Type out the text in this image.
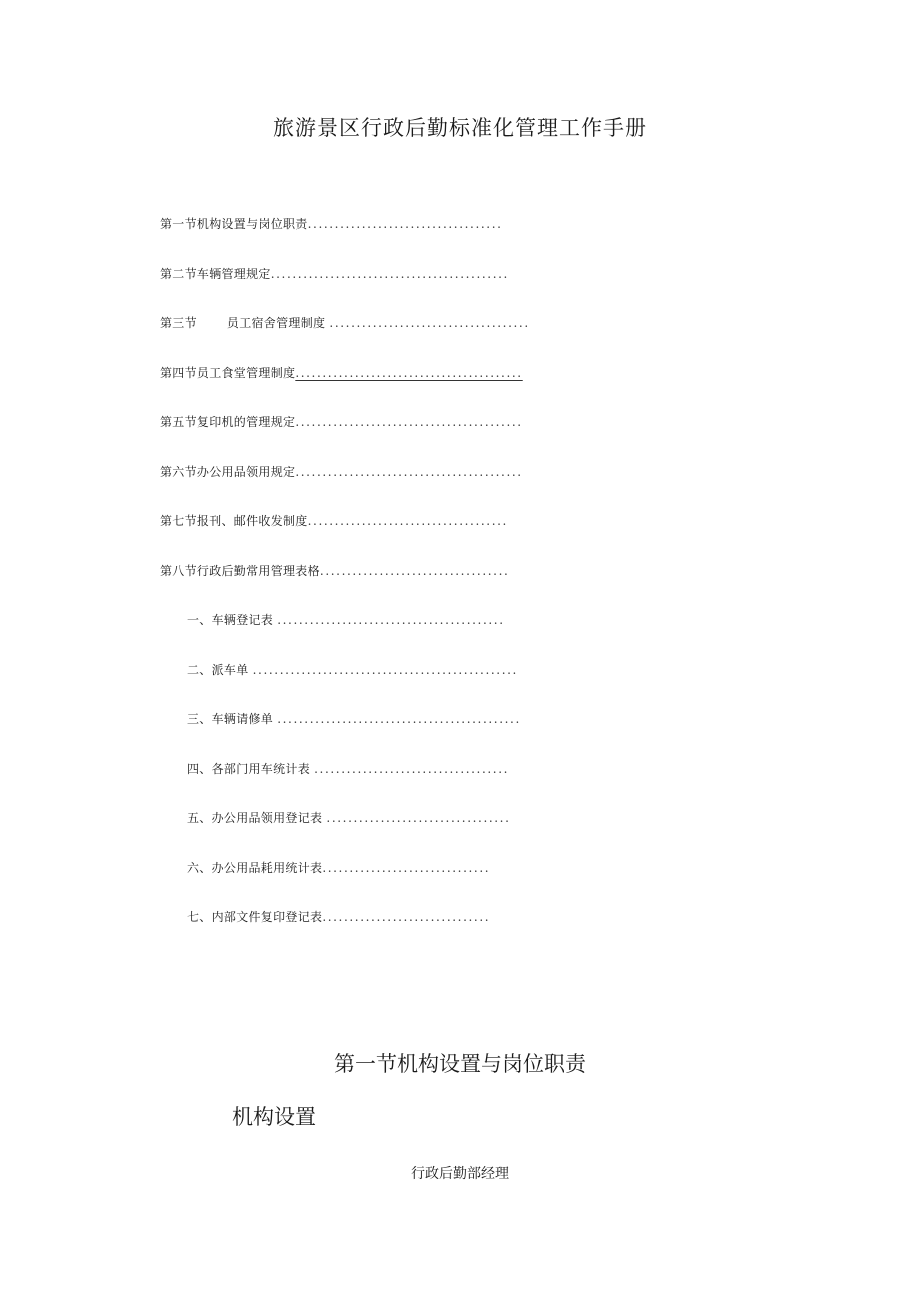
旅游景区行政后勤标准化管理工作手册
第一节机构设置与岗位职责....................................
第二节车辆管理规定............................................
第三节	员工宿舍管理制度 .....................................
第四节员工食堂管理制度..........................................
第五节复印机的管理规定..........................................
第六节办公用品领用规定..........................................
第七节报刊、邮件收发制度.....................................
第八节行政后勤常用管理表格...................................
一、车辆登记表 ..........................................
二、派车单 .................................................
三、车辆请修单 .............................................
四、各部门用车统计表 ....................................
五、办公用品领用登记表 ..................................
六、办公用品耗用统计表...............................
七、内部文件复印登记表...............................
第一节机构设置与岗位职责
机构设置
行政后勤部经理
